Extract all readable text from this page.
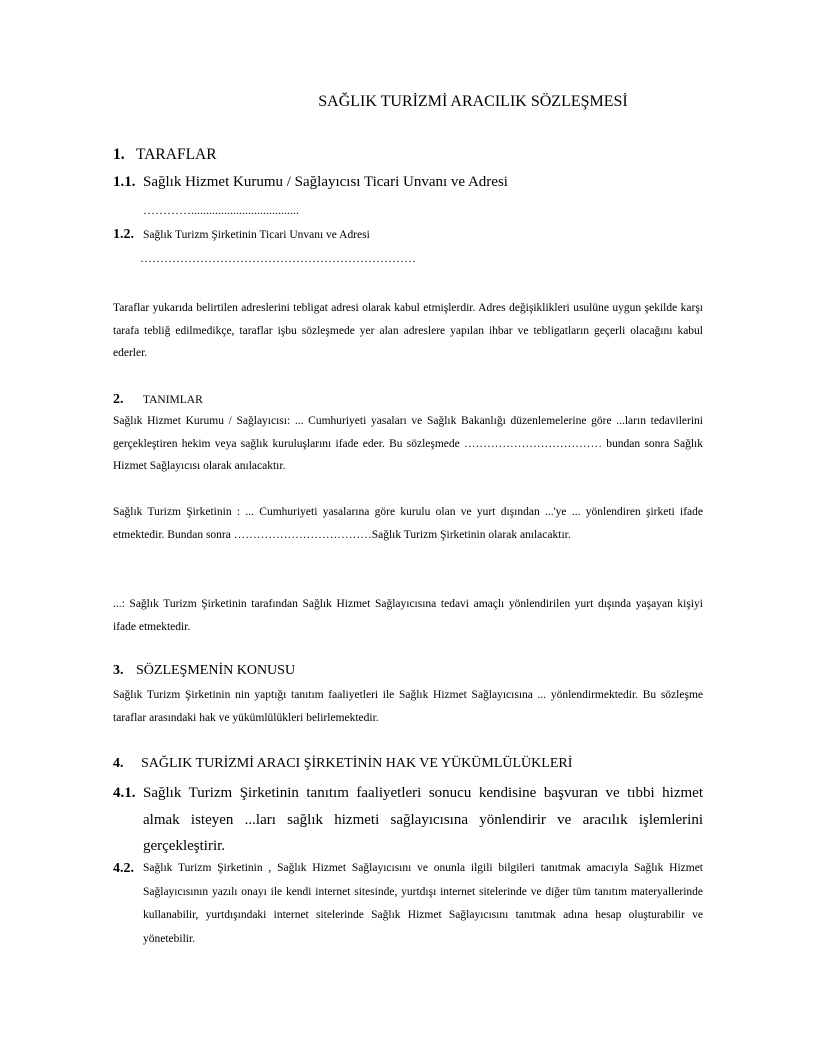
SAĞLIK TURİZMİ ARACILIK SÖZLEŞMESİ
1. TARAFLAR
1.1. Sağlık Hizmet Kurumu / Sağlayıcısı Ticari Unvanı ve Adresi
…………....................................
1.2. Sağlık Turizm Şirketinin Ticari Unvanı ve Adresi
……………………………………………………………
Taraflar yukarıda belirtilen adreslerini tebligat adresi olarak kabul etmişlerdir. Adres değişiklikleri usulüne uygun şekilde karşı tarafa tebliğ edilmedikçe, taraflar işbu sözleşmede yer alan adreslere yapılan ihbar ve tebligatların geçerli olacağını kabul ederler.
2. TANIMLAR
Sağlık Hizmet Kurumu / Sağlayıcısı: ... Cumhuriyeti yasaları ve Sağlık Bakanlığı düzenlemelerine göre ...ların tedavilerini gerçekleştiren hekim veya sağlık kuruluşlarını ifade eder. Bu sözleşmede ……………………………… bundan sonra Sağlık Hizmet Sağlayıcısı olarak anılacaktır.
Sağlık Turizm Şirketinin : ... Cumhuriyeti yasalarına göre kurulu olan ve yurt dışından ...'ye ... yönlendiren şirketi ifade etmektedir. Bundan sonra ………………………………Sağlık Turizm Şirketinin olarak anılacaktır.
...: Sağlık Turizm Şirketinin tarafından Sağlık Hizmet Sağlayıcısına tedavi amaçlı yönlendirilen yurt dışında yaşayan kişiyi ifade etmektedir.
3. SÖZLEŞMENİN KONUSU
Sağlık Turizm Şirketinin nin yaptığı tanıtım faaliyetleri ile Sağlık Hizmet Sağlayıcısına ... yönlendirmektedir. Bu sözleşme taraflar arasındaki hak ve yükümlülükleri belirlemektedir.
4. SAĞLIK TURİZMİ ARACI ŞİRKETİNİN HAK VE YÜKÜMLÜLÜKLERİ
4.1. Sağlık Turizm Şirketinin tanıtım faaliyetleri sonucu kendisine başvuran ve tıbbi hizmet almak isteyen ...ları sağlık hizmeti sağlayıcısına yönlendirir ve aracılık işlemlerini gerçekleştirir.
4.2. Sağlık Turizm Şirketinin , Sağlık Hizmet Sağlayıcısını ve onunla ilgili bilgileri tanıtmak amacıyla Sağlık Hizmet Sağlayıcısının yazılı onayı ile kendi internet sitesinde, yurtdışı internet sitelerinde ve diğer tüm tanıtım materyallerinde kullanabilir, yurtdışındaki internet sitelerinde Sağlık Hizmet Sağlayıcısını tanıtmak adına hesap oluşturabilir ve yönetebilir.
